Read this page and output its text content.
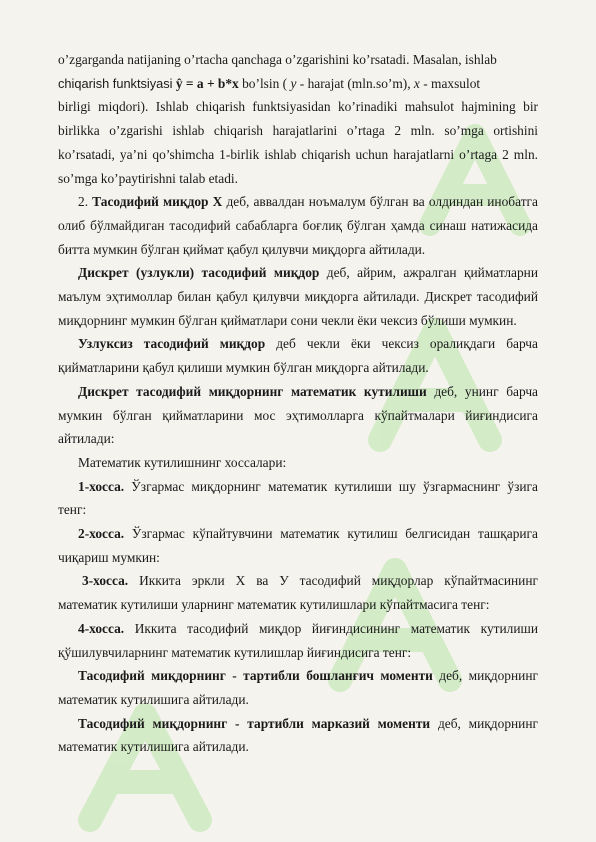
o’zgarganda natijaning o’rtacha qanchaga o’zgarishini ko’rsatadi. Masalan, ishlab
chiqarish funktsiyasi ŷ = a + b*x bo’lsin ( y - harajat (mln.so’m), x - maxsulot
birligi miqdori). Ishlab chiqarish funktsiyasidan ko’rinadiki mahsulot hajmining bir birlikka o’zgarishi ishlab chiqarish harajatlarini o’rtaga 2 mln. so’mga ortishini ko’rsatadi, ya’ni qo’shimcha 1-birlik ishlab chiqarish uchun harajatlarni o’rtaga 2 mln. so’mga ko’paytirishni talab etadi.

2. Тасодифий миқдор X деб, аввалдан ноъмалум бўлган ва олдиндан инобатга олиб бўлмайдиган тасодифий сабабларга боғлиқ бўлган ҳамда синаш натижасида битта мумкин бўлган қиймат қабул қилувчи миқдорга айтилади.

Дискрет (узлукли) тасодифий миқдор деб, айрим, ажралган қийматларни маълум эҳтимоллар билан қабул қилувчи миқдорга айтилади. Дискрет тасодифий миқдорнинг мумкин бўлган қийматлари сони чекли ёки чексиз бўлиши мумкин.

Узлуксиз тасодифий миқдор деб чекли ёки чексиз оралиқдаги барча қийматларини қабул қилиши мумкин бўлган миқдорга айтилади.

Дискрет тасодифий миқдорнинг математик кутилиши деб, унинг барча мумкин бўлган қийматларини мос эҳтимолларга кўпайтмалари йиғиндисига айтилади:

Математик кутилишнинг хоссалари:

1-хосса. Ўзгармас миқдорнинг математик кутилиши шу ўзгармаснинг ўзига тенг:

2-хосса. Ўзгармас кўпайтувчини математик кутилиш белгисидан ташқарига чиқариш мумкин:

3-хосса. Иккита эркли X ва У тасодифий миқдорлар кўпайтмасининг математик кутилиши уларнинг математик кутилишлари кўпайтмасига тенг:

4-хосса. Иккита тасодифий миқдор йиғиндисининг математик кутилиши қўшилувчиларнинг математик кутилишлар йиғиндисига тенг:

Тасодифий миқдорнинг - тартибли бошланғич моменти деб, миқдорнинг математик кутилишига айтилади.

Тасодифий миқдорнинг - тартибли марказий моменти деб, миқдорнинг математик кутилишига айтилади.
